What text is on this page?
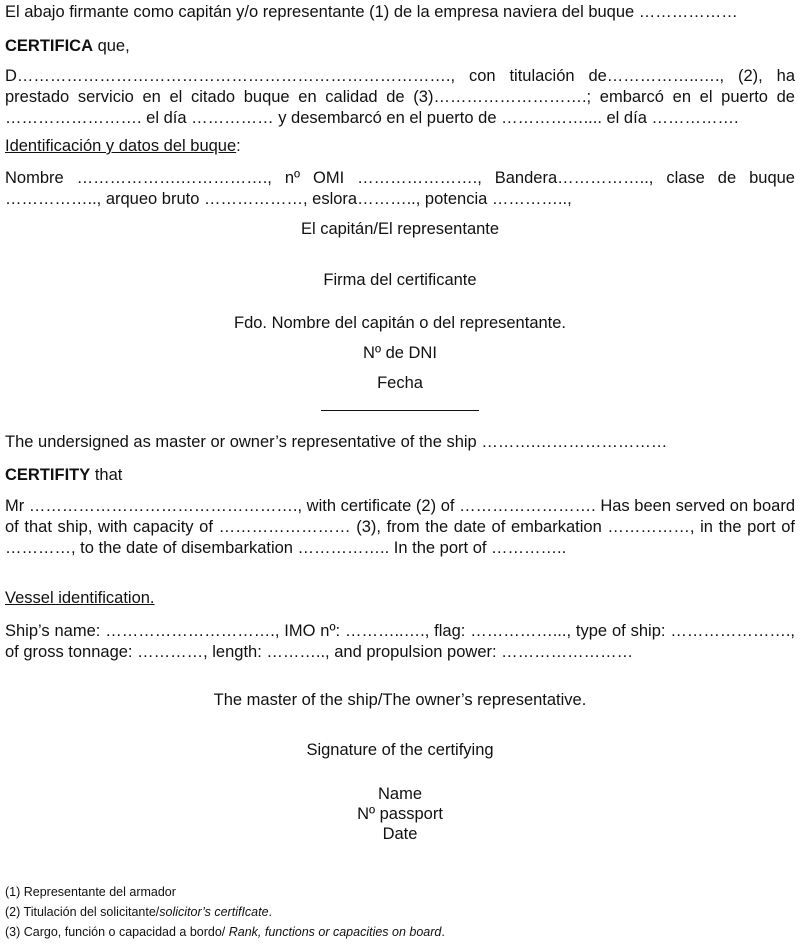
El abajo firmante como capitán y/o representante (1) de la empresa naviera del buque ………………

CERTIFICA que,

D……………………………………………………………………., con titulación de……………..…., (2), ha prestado servicio en el citado buque en calidad de (3)……………………….; embarcó en el puerto de ……………………. el día …………… y desembarcó en el puerto de …………….... el día …………….

Identificación y datos del buque:

Nombre ……………….……………., nº OMI …………………., Bandera…………….., clase de buque …………….., arqueo bruto ………………, eslora……….., potencia …………..,

El capitán/El representante

Firma del certificante

Fdo. Nombre del capitán o del representante.

Nº de DNI

Fecha

The undersigned as master or owner’s representative of the ship ……….……………………

CERTIFITY that

Mr …………………………………………., with certificate (2) of ……………………. Has been served on board of that ship, with capacity of …………………… (3), from the date of embarkation ……………, in the port of …………, to the date of disembarkation …………….. In the port of …………..

Vessel identification.

Ship’s name: …………………………., IMO nº: ………..…., flag: ……………..., type of ship: …………………., of gross tonnage: …………, length: ……….., and propulsion power: ……………………

The master of the ship/The owner’s representative.

Signature of the certifying

Name

Nº passport

Date

(1) Representante del armador

(2) Titulación del solicitante/solicitor’s certifIcate.

(3) Cargo, función o capacidad a bordo/ Rank, functions or capacities on board.
